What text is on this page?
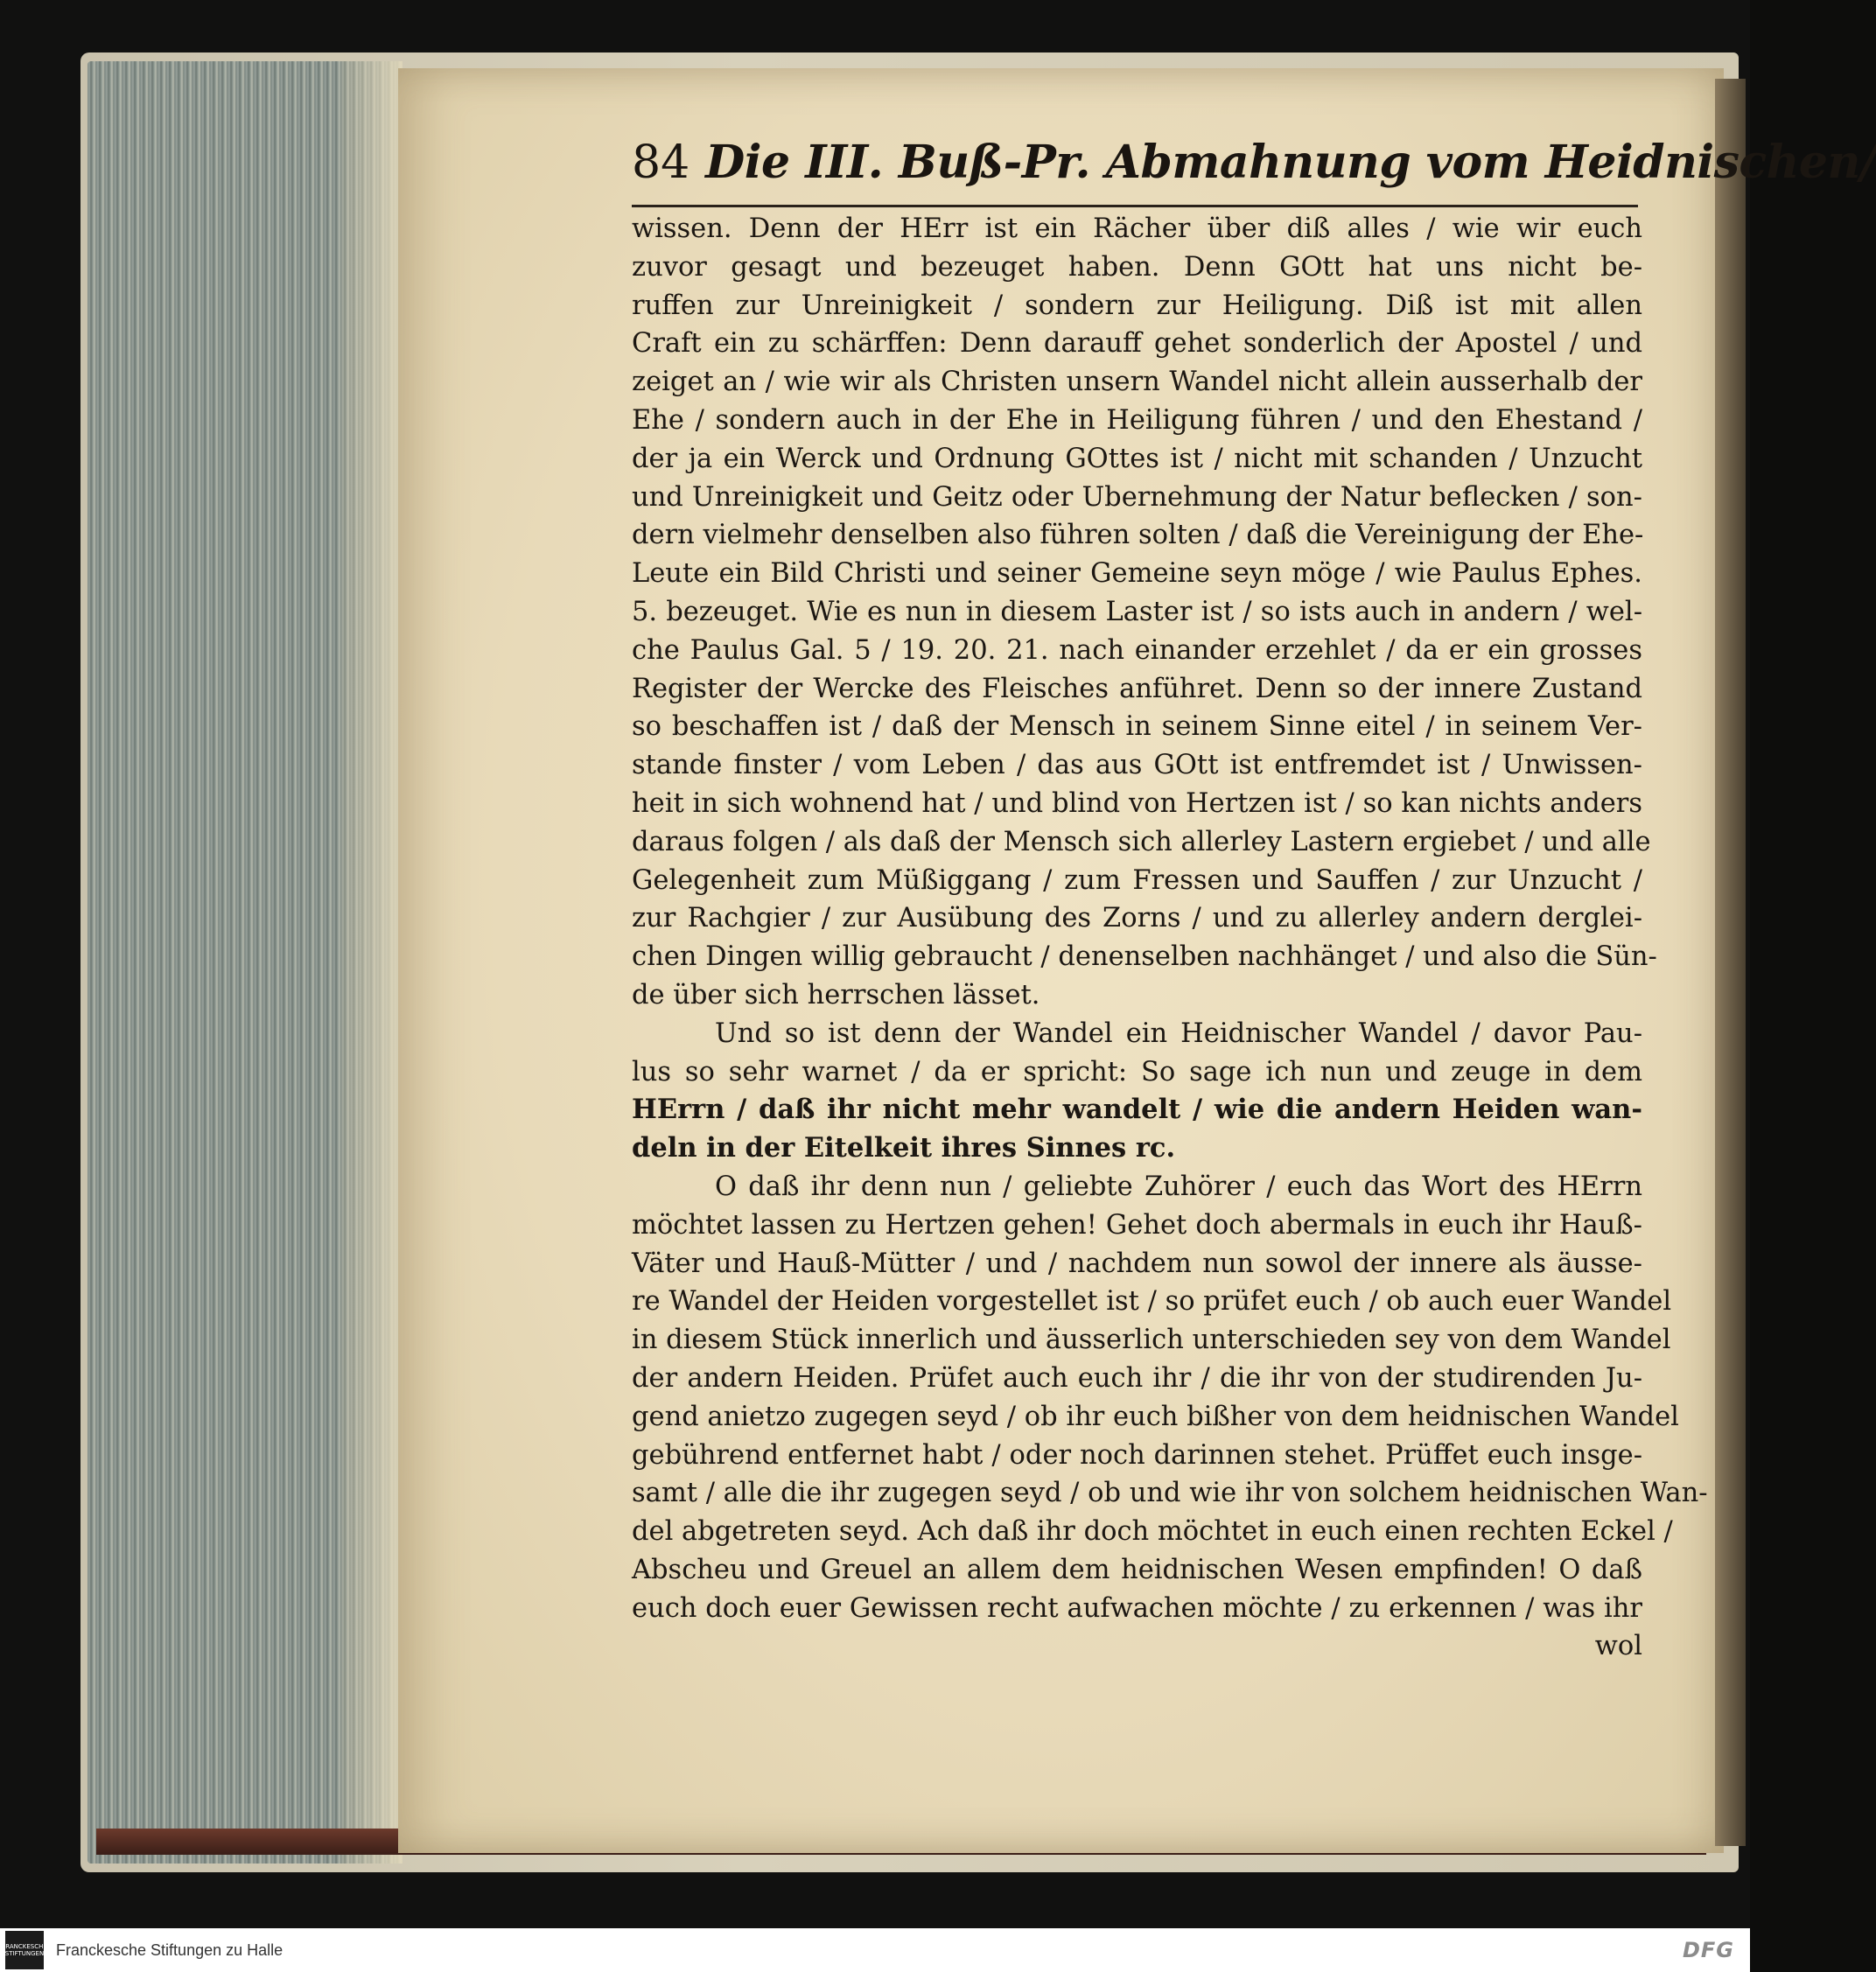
84 Die III. Buß-Pr. Abmahnung vom Heidnischen/
wissen. Denn der HErr ist ein Rächer über diß alles / wie wir euch
zuvor gesagt und bezeuget haben. Denn GOtt hat uns nicht be-
ruffen zur Unreinigkeit / sondern zur Heiligung. Diß ist mit allen
Craft ein zu schärffen: Denn darauff gehet sonderlich der Apostel / und
zeiget an / wie wir als Christen unsern Wandel nicht allein ausserhalb der
Ehe / sondern auch in der Ehe in Heiligung führen / und den Ehestand /
der ja ein Werck und Ordnung GOttes ist / nicht mit schanden / Unzucht
und Unreinigkeit und Geitz oder Ubernehmung der Natur beflecken / son-
dern vielmehr denselben also führen solten / daß die Vereinigung der Ehe-
Leute ein Bild Christi und seiner Gemeine seyn möge / wie Paulus Ephes.
5. bezeuget. Wie es nun in diesem Laster ist / so ists auch in andern / wel-
che Paulus Gal. 5 / 19. 20. 21. nach einander erzehlet / da er ein grosses
Register der Wercke des Fleisches anführet. Denn so der innere Zustand
so beschaffen ist / daß der Mensch in seinem Sinne eitel / in seinem Ver-
stande finster / vom Leben / das aus GOtt ist entfremdet ist / Unwissen-
heit in sich wohnend hat / und blind von Hertzen ist / so kan nichts anders
daraus folgen / als daß der Mensch sich allerley Lastern ergiebet / und alle
Gelegenheit zum Müßiggang / zum Fressen und Sauffen / zur Unzucht /
zur Rachgier / zur Ausübung des Zorns / und zu allerley andern derglei-
chen Dingen willig gebraucht / denenselben nachhänget / und also die Sün-
de über sich herrschen lässet.
Und so ist denn der Wandel ein Heidnischer Wandel / davor Pau-
lus so sehr warnet / da er spricht: So sage ich nun und zeuge in dem
HErrn / daß ihr nicht mehr wandelt / wie die andern Heiden wan-
deln in der Eitelkeit ihres Sinnes rc.
O daß ihr denn nun / geliebte Zuhörer / euch das Wort des HErrn
möchtet lassen zu Hertzen gehen! Gehet doch abermals in euch ihr Hauß-
Väter und Hauß-Mütter / und / nachdem nun sowol der innere als äusse-
re Wandel der Heiden vorgestellet ist / so prüfet euch / ob auch euer Wandel
in diesem Stück innerlich und äusserlich unterschieden sey von dem Wandel
der andern Heiden. Prüfet auch euch ihr / die ihr von der studirenden Ju-
gend anietzo zugegen seyd / ob ihr euch bißher von dem heidnischen Wandel
gebührend entfernet habt / oder noch darinnen stehet. Prüffet euch insge-
samt / alle die ihr zugegen seyd / ob und wie ihr von solchem heidnischen Wan-
del abgetreten seyd. Ach daß ihr doch möchtet in euch einen rechten Eckel /
Abscheu und Greuel an allem dem heidnischen Wesen empfinden! O daß
euch doch euer Gewissen recht aufwachen möchte / zu erkennen / was ihr
wol
FRANCKESCHE STIFTUNGEN Franckesche Stiftungen zu Halle	DFG
